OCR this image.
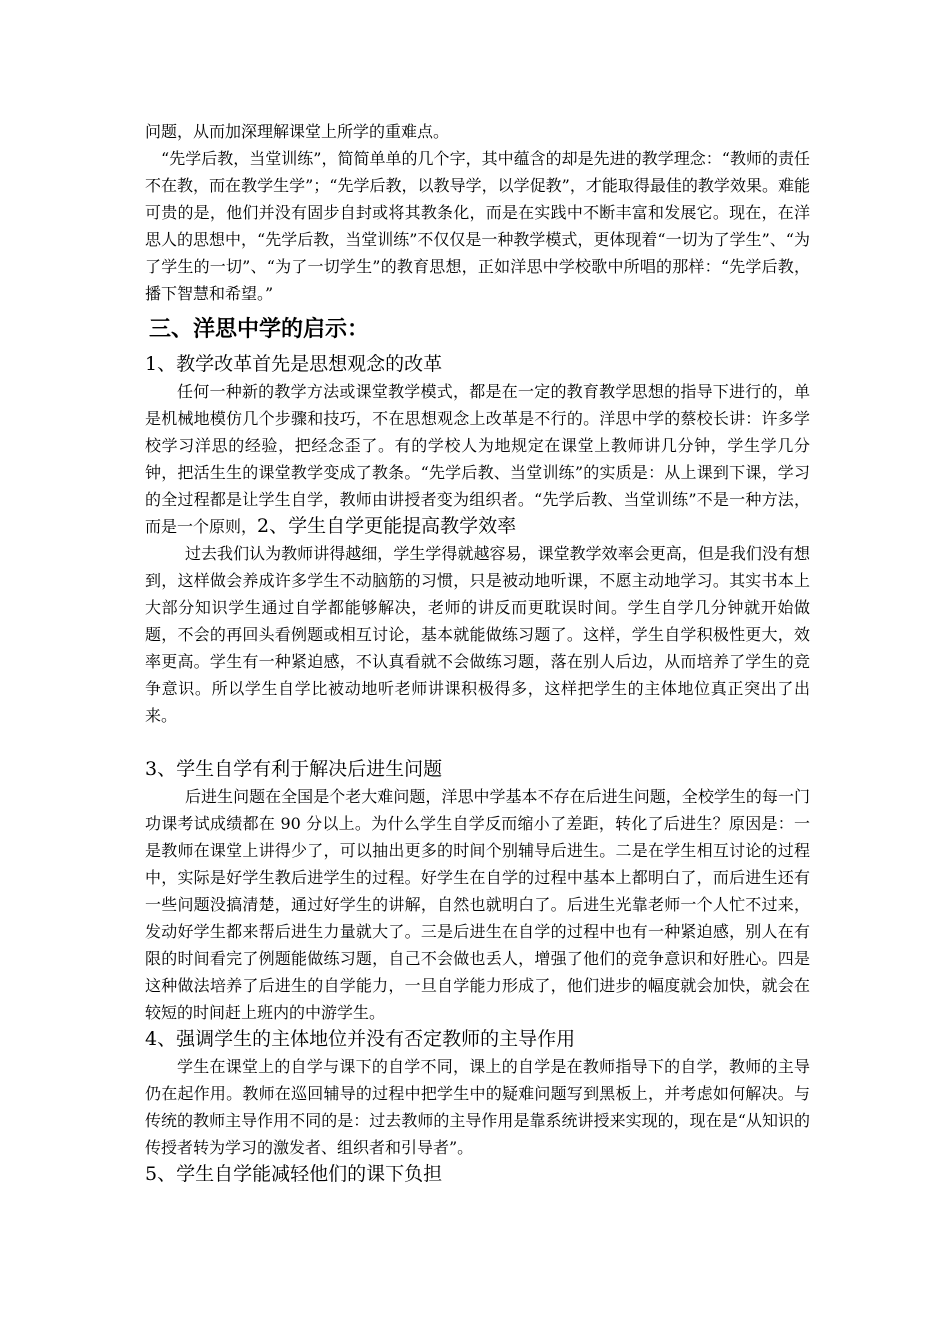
问题，从而加深理解课堂上所学的重难点。

“先学后教，当堂训练”，简简单单的几个字，其中蕴含的却是先进的教学理念：“教师的责任不在教，而在教学生学”；“先学后教，以教导学，以学促教”，才能取得最佳的教学效果。难能可贵的是，他们并没有固步自封或将其教条化，而是在实践中不断丰富和发展它。现在，在洋思人的思想中，“先学后教，当堂训练”不仅仅是一种教学模式，更体现着“一切为了学生”、“为了学生的一切”、“为了一切学生”的教育思想，正如洋思中学校歌中所唱的那样：“先学后教，播下智慧和希望。”

三、洋思中学的启示：

1、教学改革首先是思想观念的改革

任何一种新的教学方法或课堂教学模式，都是在一定的教育教学思想的指导下进行的，单是机械地模仿几个步骤和技巧，不在思想观念上改革是不行的。洋思中学的蔡校长讲：许多学校学习洋思的经验，把经念歪了。有的学校人为地规定在课堂上教师讲几分钟，学生学几分钟，把活生生的课堂教学变成了教条。“先学后教、当堂训练”的实质是：从上课到下课，学习的全过程都是让学生自学，教师由讲授者变为组织者。“先学后教、当堂训练”不是一种方法，而是一个原则，2、学生自学更能提高教学效率

过去我们认为教师讲得越细，学生学得就越容易，课堂教学效率会更高，但是我们没有想到，这样做会养成许多学生不动脑筋的习惯，只是被动地听课，不愿主动地学习。其实书本上大部分知识学生通过自学都能够解决，老师的讲反而更耽误时间。学生自学几分钟就开始做题，不会的再回头看例题或相互讨论，基本就能做练习题了。这样，学生自学积极性更大，效率更高。学生有一种紧迫感，不认真看就不会做练习题，落在别人后边，从而培养了学生的竞争意识。所以学生自学比被动地听老师讲课积极得多，这样把学生的主体地位真正突出了出来。

3、学生自学有利于解决后进生问题

后进生问题在全国是个老大难问题，洋思中学基本不存在后进生问题，全校学生的每一门功课考试成绩都在 90 分以上。为什么学生自学反而缩小了差距，转化了后进生？原因是：一是教师在课堂上讲得少了，可以抽出更多的时间个别辅导后进生。二是在学生相互讨论的过程中，实际是好学生教后进学生的过程。好学生在自学的过程中基本上都明白了，而后进生还有一些问题没搞清楚，通过好学生的讲解，自然也就明白了。后进生光靠老师一个人忙不过来，发动好学生都来帮后进生力量就大了。三是后进生在自学的过程中也有一种紧迫感，别人在有限的时间看完了例题能做练习题，自己不会做也丢人，增强了他们的竞争意识和好胜心。四是这种做法培养了后进生的自学能力，一旦自学能力形成了，他们进步的幅度就会加快，就会在较短的时间赶上班内的中游学生。

4、强调学生的主体地位并没有否定教师的主导作用

学生在课堂上的自学与课下的自学不同，课上的自学是在教师指导下的自学，教师的主导仍在起作用。教师在巡回辅导的过程中把学生中的疑难问题写到黑板上，并考虑如何解决。与传统的教师主导作用不同的是：过去教师的主导作用是靠系统讲授来实现的，现在是“从知识的传授者转为学习的激发者、组织者和引导者”。

5、学生自学能减轻他们的课下负担
